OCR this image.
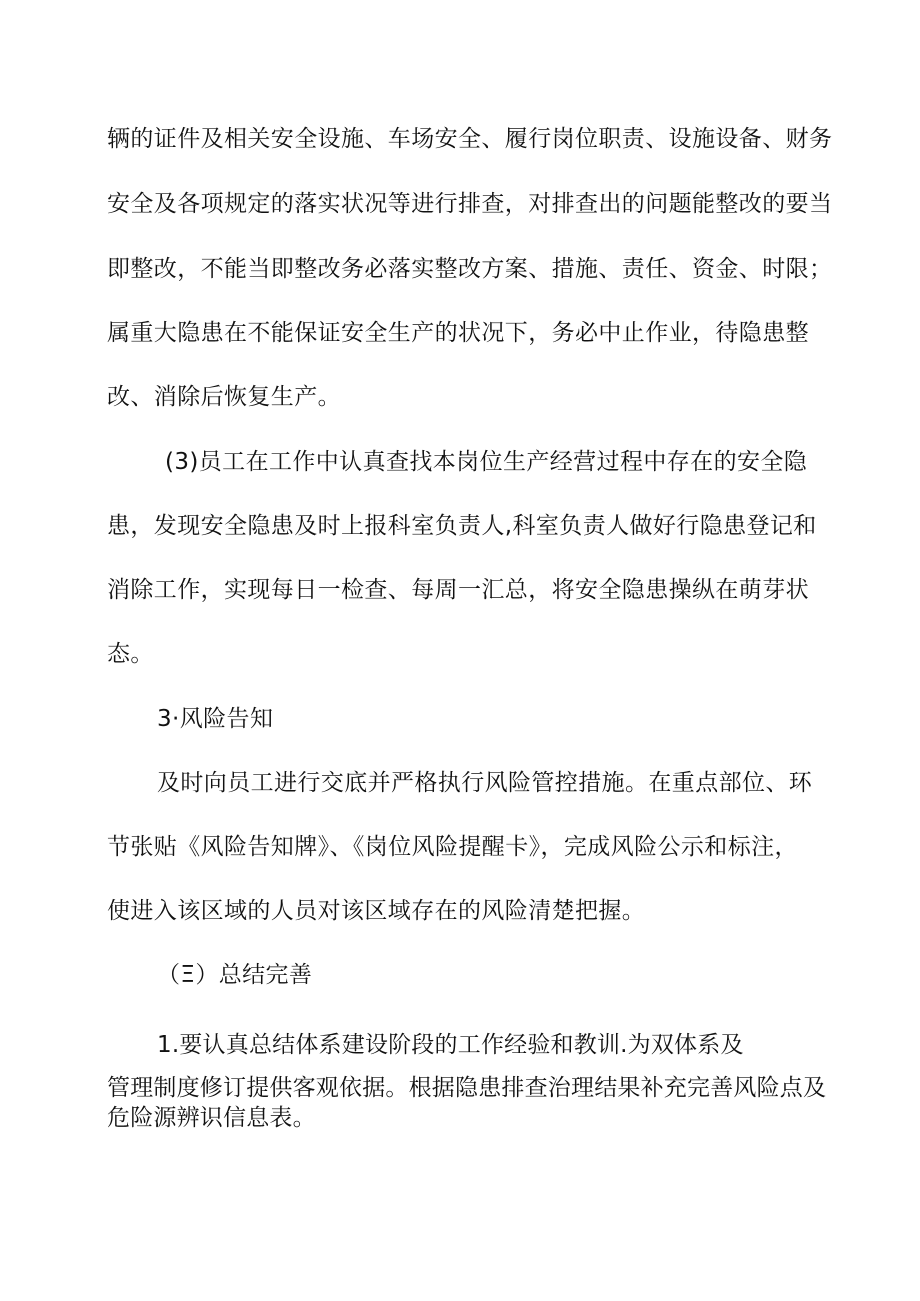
辆的证件及相关安全设施、车场安全、履行岗位职责、设施设备、财务
安全及各项规定的落实状况等进行排查，对排查出的问题能整改的要当
即整改，不能当即整改务必落实整改方案、措施、责任、资金、时限；
属重大隐患在不能保证安全生产的状况下，务必中止作业，待隐患整
改、消除后恢复生产。
(3)员工在工作中认真查找本岗位生产经营过程中存在的安全隐
患，发现安全隐患及时上报科室负责人,科室负责人做好行隐患登记和
消除工作，实现每日一检查、每周一汇总，将安全隐患操纵在萌芽状
态。
3·风险告知
及时向员工进行交底并严格执行风险管控措施。在重点部位、环
节张贴《风险告知牌》、《岗位风险提醒卡》，完成风险公示和标注，
使进入该区域的人员对该区域存在的风险清楚把握。
（Ξ）总结完善
1.要认真总结体系建设阶段的工作经验和教训.为双体系及
管理制度修订提供客观依据。根据隐患排查治理结果补充完善风险点及
危险源辨识信息表。
